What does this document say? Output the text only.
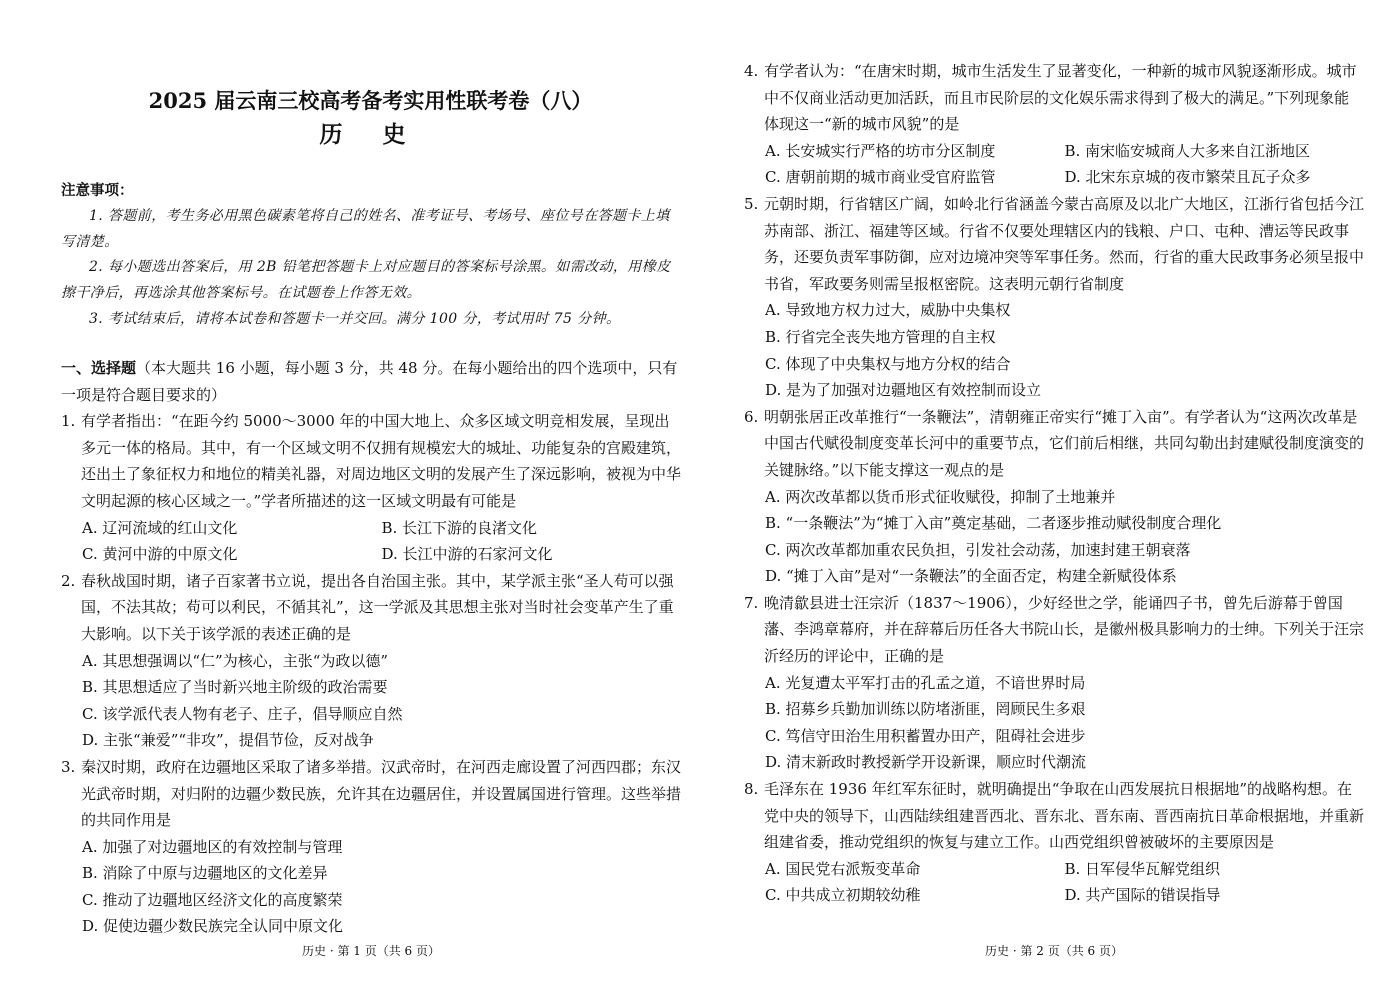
2025 届云南三校高考备考实用性联考卷（八）
历 史
注意事项：
1. 答题前，考生务必用黑色碳素笔将自己的姓名、准考证号、考场号、座位号在答题卡上填写清楚。
2. 每小题选出答案后，用 2B 铅笔把答题卡上对应题目的答案标号涂黑。如需改动，用橡皮擦干净后，再选涂其他答案标号。在试题卷上作答无效。
3. 考试结束后，请将本试卷和答题卡一并交回。满分 100 分，考试用时 75 分钟。
一、选择题（本大题共 16 小题，每小题 3 分，共 48 分。在每小题给出的四个选项中，只有一项是符合题目要求的）
1. 有学者指出：“在距今约 5000～3000 年的中国大地上、众多区域文明竞相发展，呈现出多元一体的格局。其中，有一个区域文明不仅拥有规模宏大的城址、功能复杂的宫殿建筑，还出土了象征权力和地位的精美礼器，对周边地区文明的发展产生了深远影响，被视为中华文明起源的核心区域之一。”学者所描述的这一区域文明最有可能是
A. 辽河流域的红山文化	B. 长江下游的良渚文化
C. 黄河中游的中原文化	D. 长江中游的石家河文化
2. 春秋战国时期，诸子百家著书立说，提出各自治国主张。其中，某学派主张“圣人苟可以强国，不法其故；苟可以利民，不循其礼”，这一学派及其思想主张对当时社会变革产生了重大影响。以下关于该学派的表述正确的是
A. 其思想强调以“仁”为核心，主张“为政以德”
B. 其思想适应了当时新兴地主阶级的政治需要
C. 该学派代表人物有老子、庄子，倡导顺应自然
D. 主张“兼爱”“非攻”，提倡节俭，反对战争
3. 秦汉时期，政府在边疆地区采取了诸多举措。汉武帝时，在河西走廊设置了河西四郡；东汉光武帝时期，对归附的边疆少数民族，允许其在边疆居住，并设置属国进行管理。这些举措的共同作用是
A. 加强了对边疆地区的有效控制与管理
B. 消除了中原与边疆地区的文化差异
C. 推动了边疆地区经济文化的高度繁荣
D. 促使边疆少数民族完全认同中原文化
历史 · 第 1 页（共 6 页）
4. 有学者认为：“在唐宋时期，城市生活发生了显著变化，一种新的城市风貌逐渐形成。城市中不仅商业活动更加活跃，而且市民阶层的文化娱乐需求得到了极大的满足。”下列现象能体现这一“新的城市风貌”的是
A. 长安城实行严格的坊市分区制度	B. 南宋临安城商人大多来自江浙地区
C. 唐朝前期的城市商业受官府监管	D. 北宋东京城的夜市繁荣且瓦子众多
5. 元朝时期，行省辖区广阔，如岭北行省涵盖今蒙古高原及以北广大地区，江浙行省包括今江苏南部、浙江、福建等区域。行省不仅要处理辖区内的钱粮、户口、屯种、漕运等民政事务，还要负责军事防御，应对边境冲突等军事任务。然而，行省的重大民政事务必须呈报中书省，军政要务则需呈报枢密院。这表明元朝行省制度
A. 导致地方权力过大，威胁中央集权
B. 行省完全丧失地方管理的自主权
C. 体现了中央集权与地方分权的结合
D. 是为了加强对边疆地区有效控制而设立
6. 明朝张居正改革推行“一条鞭法”，清朝雍正帝实行“摊丁入亩”。有学者认为“这两次改革是中国古代赋役制度变革长河中的重要节点，它们前后相继，共同勾勒出封建赋役制度演变的关键脉络。”以下能支撑这一观点的是
A. 两次改革都以货币形式征收赋役，抑制了土地兼并
B. “一条鞭法”为“摊丁入亩”奠定基础，二者逐步推动赋役制度合理化
C. 两次改革都加重农民负担，引发社会动荡，加速封建王朝衰落
D. “摊丁入亩”是对“一条鞭法”的全面否定，构建全新赋役体系
7. 晚清歙县进士汪宗沂（1837～1906），少好经世之学，能诵四子书，曾先后游幕于曾国藩、李鸿章幕府，并在辞幕后历任各大书院山长，是徽州极具影响力的士绅。下列关于汪宗沂经历的评论中，正确的是
A. 光复遭太平军打击的孔孟之道，不谙世界时局
B. 招募乡兵勤加训练以防堵浙匪，罔顾民生多艰
C. 笃信守田治生用积蓄置办田产，阻碍社会进步
D. 清末新政时教授新学开设新课，顺应时代潮流
8. 毛泽东在 1936 年红军东征时，就明确提出“争取在山西发展抗日根据地”的战略构想。在党中央的领导下，山西陆续组建晋西北、晋东北、晋东南、晋西南抗日革命根据地，并重新组建省委，推动党组织的恢复与建立工作。山西党组织曾被破坏的主要原因是
A. 国民党右派叛变革命	B. 日军侵华瓦解党组织
C. 中共成立初期较幼稚	D. 共产国际的错误指导
历史 · 第 2 页（共 6 页）
